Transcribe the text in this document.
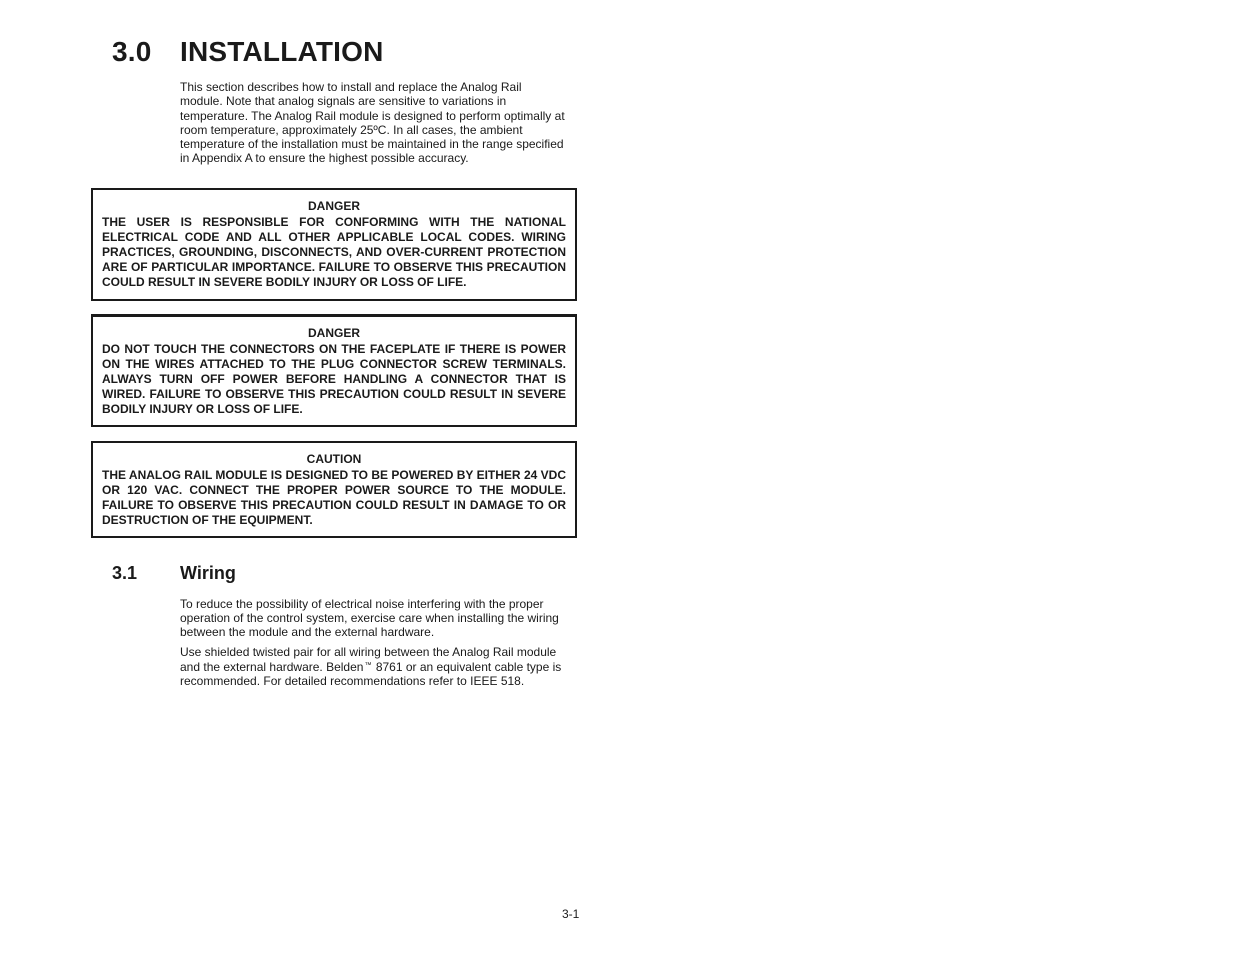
3.0 INSTALLATION
This section describes how to install and replace the Analog Rail module. Note that analog signals are sensitive to variations in temperature. The Analog Rail module is designed to perform optimally at room temperature, approximately 25ºC. In all cases, the ambient temperature of the installation must be maintained in the range specified in Appendix A to ensure the highest possible accuracy.
DANGER
THE USER IS RESPONSIBLE FOR CONFORMING WITH THE NATIONAL ELECTRICAL CODE AND ALL OTHER APPLICABLE LOCAL CODES. WIRING PRACTICES, GROUNDING, DISCONNECTS, AND OVER-CURRENT PROTECTION ARE OF PARTICULAR IMPORTANCE. FAILURE TO OBSERVE THIS PRECAUTION COULD RESULT IN SEVERE BODILY INJURY OR LOSS OF LIFE.
DANGER
DO NOT TOUCH THE CONNECTORS ON THE FACEPLATE IF THERE IS POWER ON THE WIRES ATTACHED TO THE PLUG CONNECTOR SCREW TERMINALS. ALWAYS TURN OFF POWER BEFORE HANDLING A CONNECTOR THAT IS WIRED. FAILURE TO OBSERVE THIS PRECAUTION COULD RESULT IN SEVERE BODILY INJURY OR LOSS OF LIFE.
CAUTION
THE ANALOG RAIL MODULE IS DESIGNED TO BE POWERED BY EITHER 24 VDC OR 120 VAC. CONNECT THE PROPER POWER SOURCE TO THE MODULE. FAILURE TO OBSERVE THIS PRECAUTION COULD RESULT IN DAMAGE TO OR DESTRUCTION OF THE EQUIPMENT.
3.1 Wiring
To reduce the possibility of electrical noise interfering with the proper operation of the control system, exercise care when installing the wiring between the module and the external hardware.
Use shielded twisted pair for all wiring between the Analog Rail module and the external hardware. Belden™ 8761 or an equivalent cable type is recommended. For detailed recommendations refer to IEEE 518.
3-1
